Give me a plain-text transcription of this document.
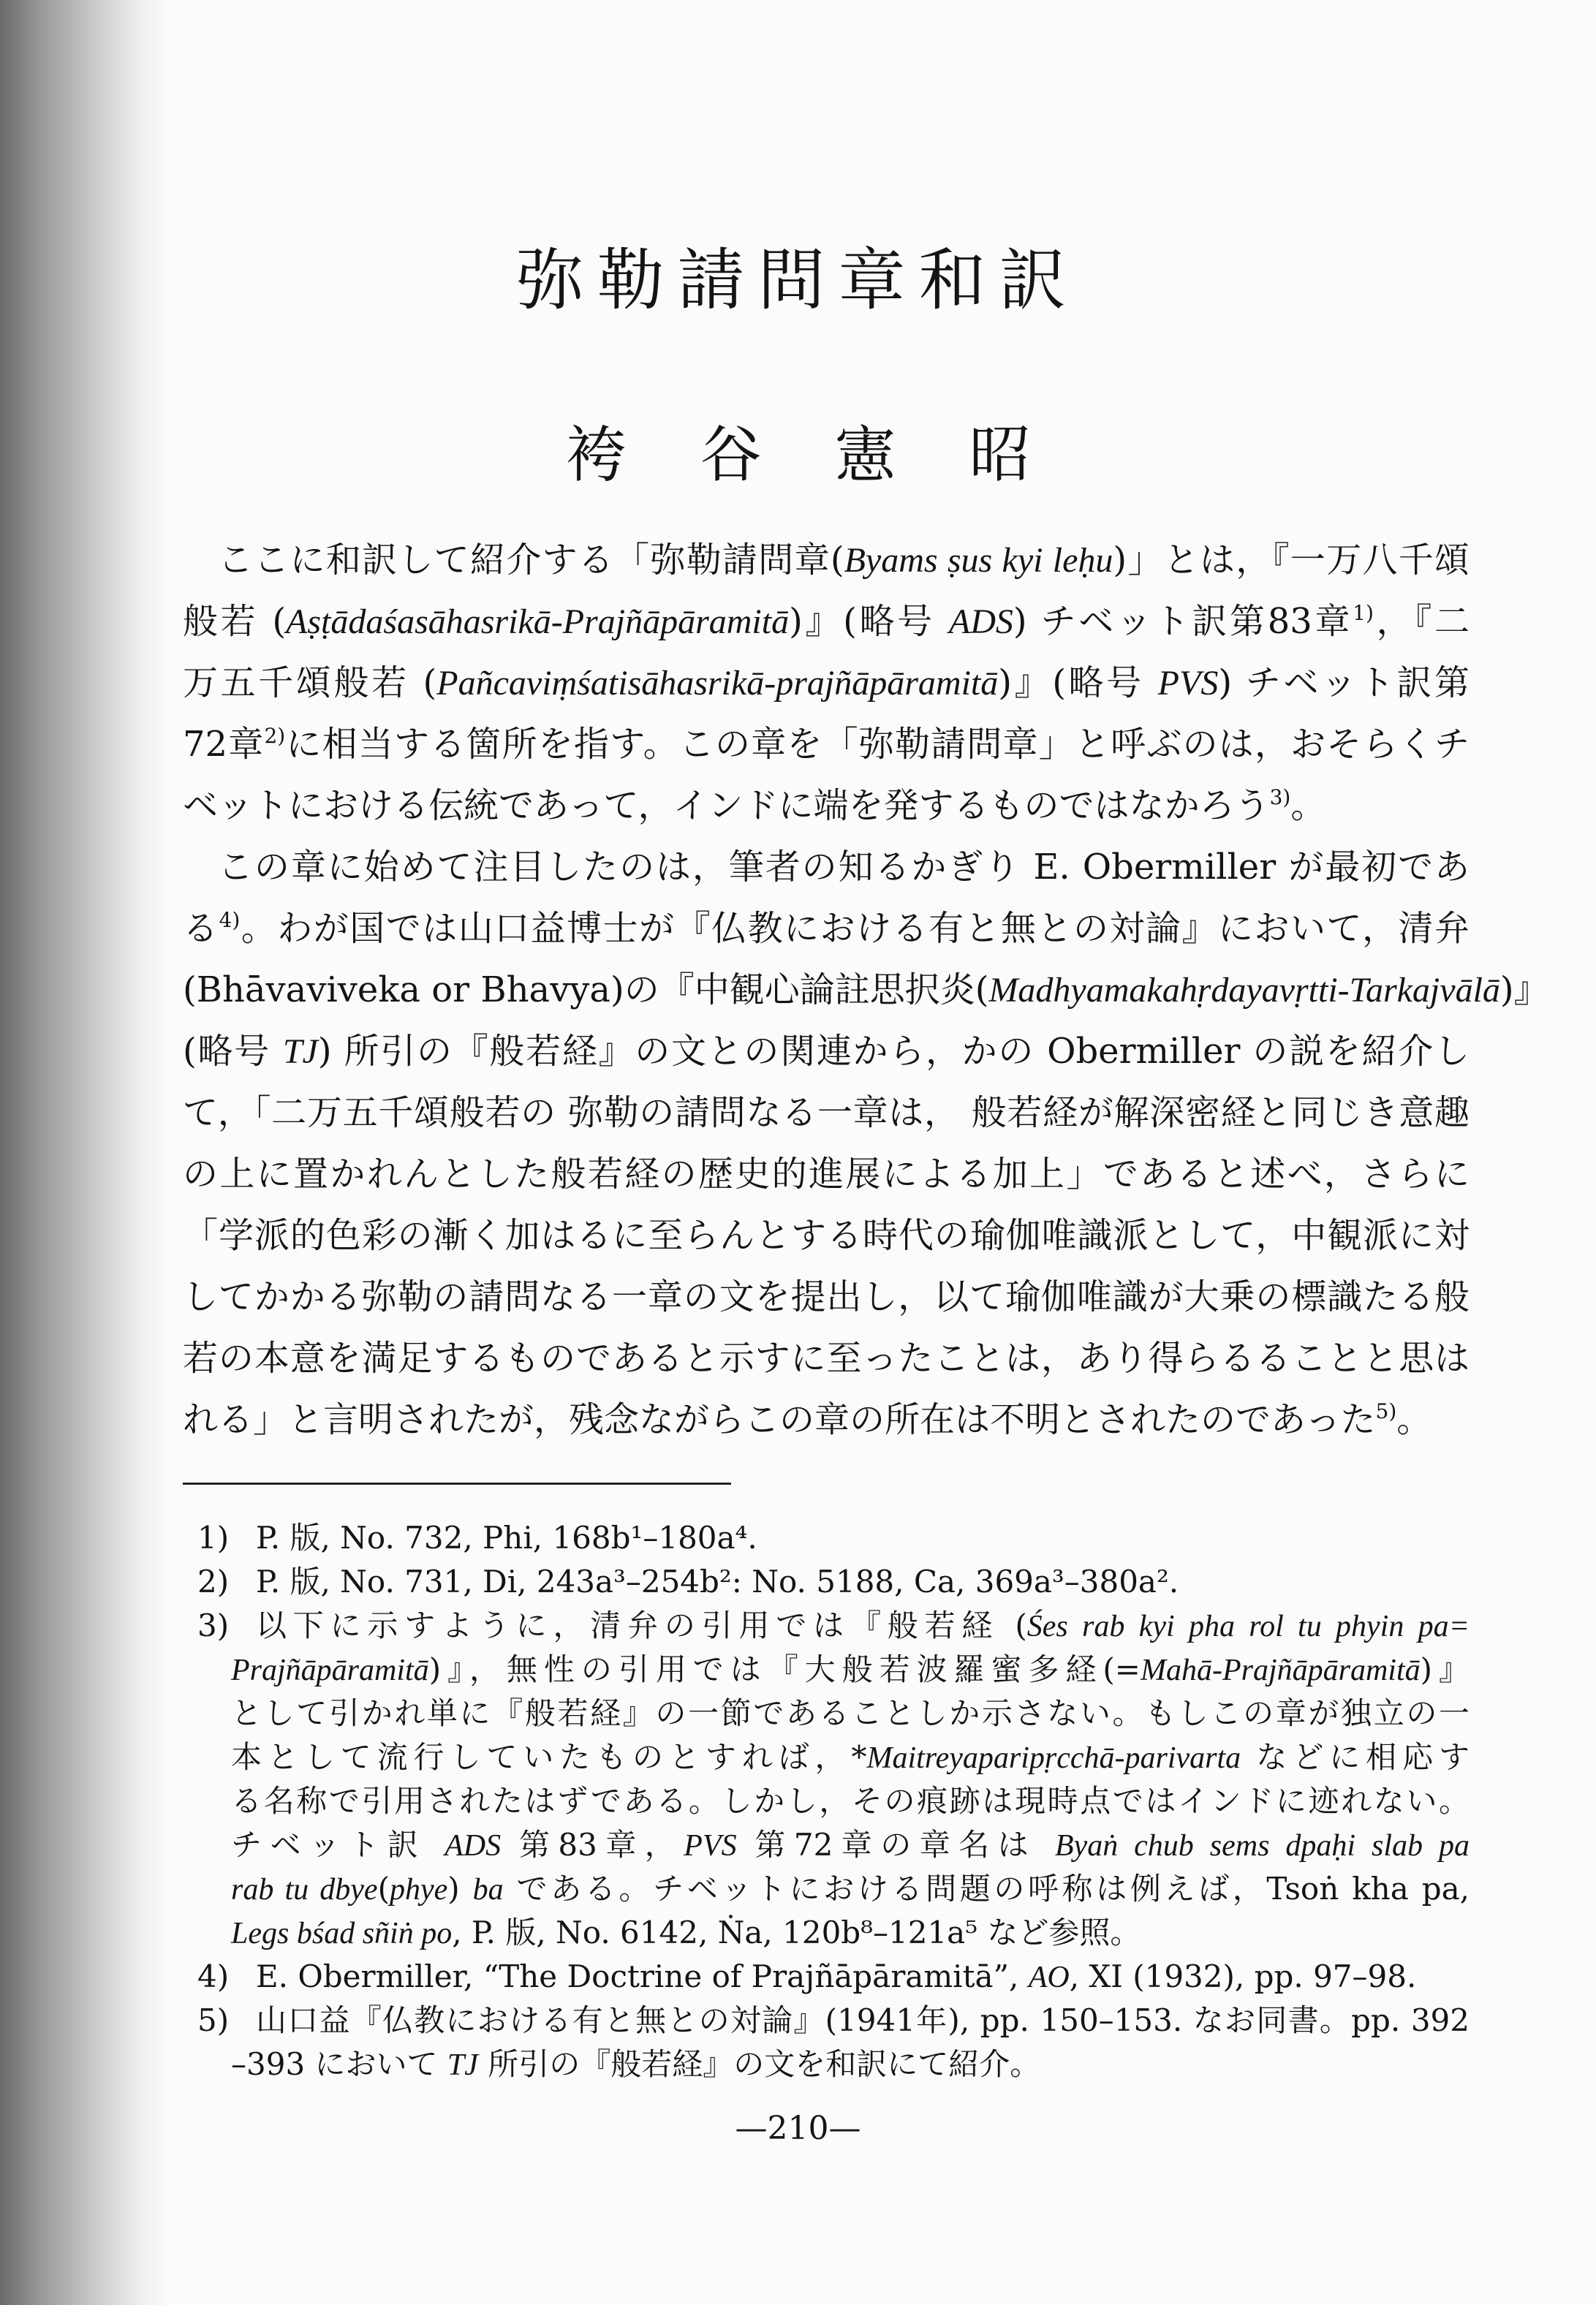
弥勒請問章和訳
袴谷憲昭
ここに和訳して紹介する「弥勒請問章(Byams ṣus kyi leḥu)」とは，『一万八千頌
般若 (Aṣṭādaśasāhasrikā-Prajñāpāramitā)』(略号 ADS) チベット訳第83章$^{1)}$，『二
万五千頌般若 (Pañcaviṃśatisāhasrikā-prajñāpāramitā)』(略号 PVS) チベット訳第
72章$^{2)}$に相当する箇所を指す。この章を「弥勒請問章」と呼ぶのは，おそらくチ
ベットにおける伝統であって，インドに端を発するものではなかろう$^{3)}$。
この章に始めて注目したのは，筆者の知るかぎり E. Obermiller が最初であ
る$^{4)}$。わが国では山口益博士が『仏教における有と無との対論』において，清弁
(Bhāvaviveka or Bhavya)の『中観心論註思択炎(Madhyamakahṛdayavṛtti-Tarkajvālā)』
(略号 TJ) 所引の『般若経』の文との関連から，かの Obermiller の説を紹介し
て，「二万五千頌般若の 弥勒の請問なる一章は， 般若経が解深密経と同じき意趣
の上に置かれんとした般若経の歴史的進展による加上」であると述べ，さらに
「学派的色彩の漸く加はるに至らんとする時代の瑜伽唯識派として，中観派に対
してかかる弥勒の請問なる一章の文を提出し，以て瑜伽唯識が大乗の標識たる般
若の本意を満足するものであると示すに至ったことは，あり得らるることと思は
れる」と言明されたが，残念ながらこの章の所在は不明とされたのであった$^{5)}$。
1) P. 版, No. 732, Phi, 168b¹–180a⁴.
2) P. 版, No. 731, Di, 243a³–254b²: No. 5188, Ca, 369a³–380a².
3) 以下に示すように，清弁の引用では『般若経 (Śes rab kyi pha rol tu phyin pa=
Prajñāpāramitā)』，無性の引用では『大般若波羅蜜多経(=Mahā-Prajñāpāramitā)』
として引かれ単に『般若経』の一節であることしか示さない。もしこの章が独立の一
本として流行していたものとすれば，*Maitreyaparipṛcchā-parivarta などに相応す
る名称で引用されたはずである。しかし，その痕跡は現時点ではインドに迹れない。
チベット訳 ADS 第83章，PVS 第72章の章名は Byaṅ chub sems dpaḥi slab pa
rab tu dbye(phye) ba である。チベットにおける問題の呼称は例えば，Tsoṅ kha pa,
Legs bśad sñiṅ po, P. 版, No. 6142, Ṅa, 120b⁸–121a⁵ など参照。
4) E. Obermiller, “The Doctrine of Prajñāpāramitā”, AO, XI (1932), pp. 97–98.
5) 山口益『仏教における有と無との対論』(1941年), pp. 150–153. なお同書。pp. 392
–393 において TJ 所引の『般若経』の文を和訳にて紹介。
—210—
